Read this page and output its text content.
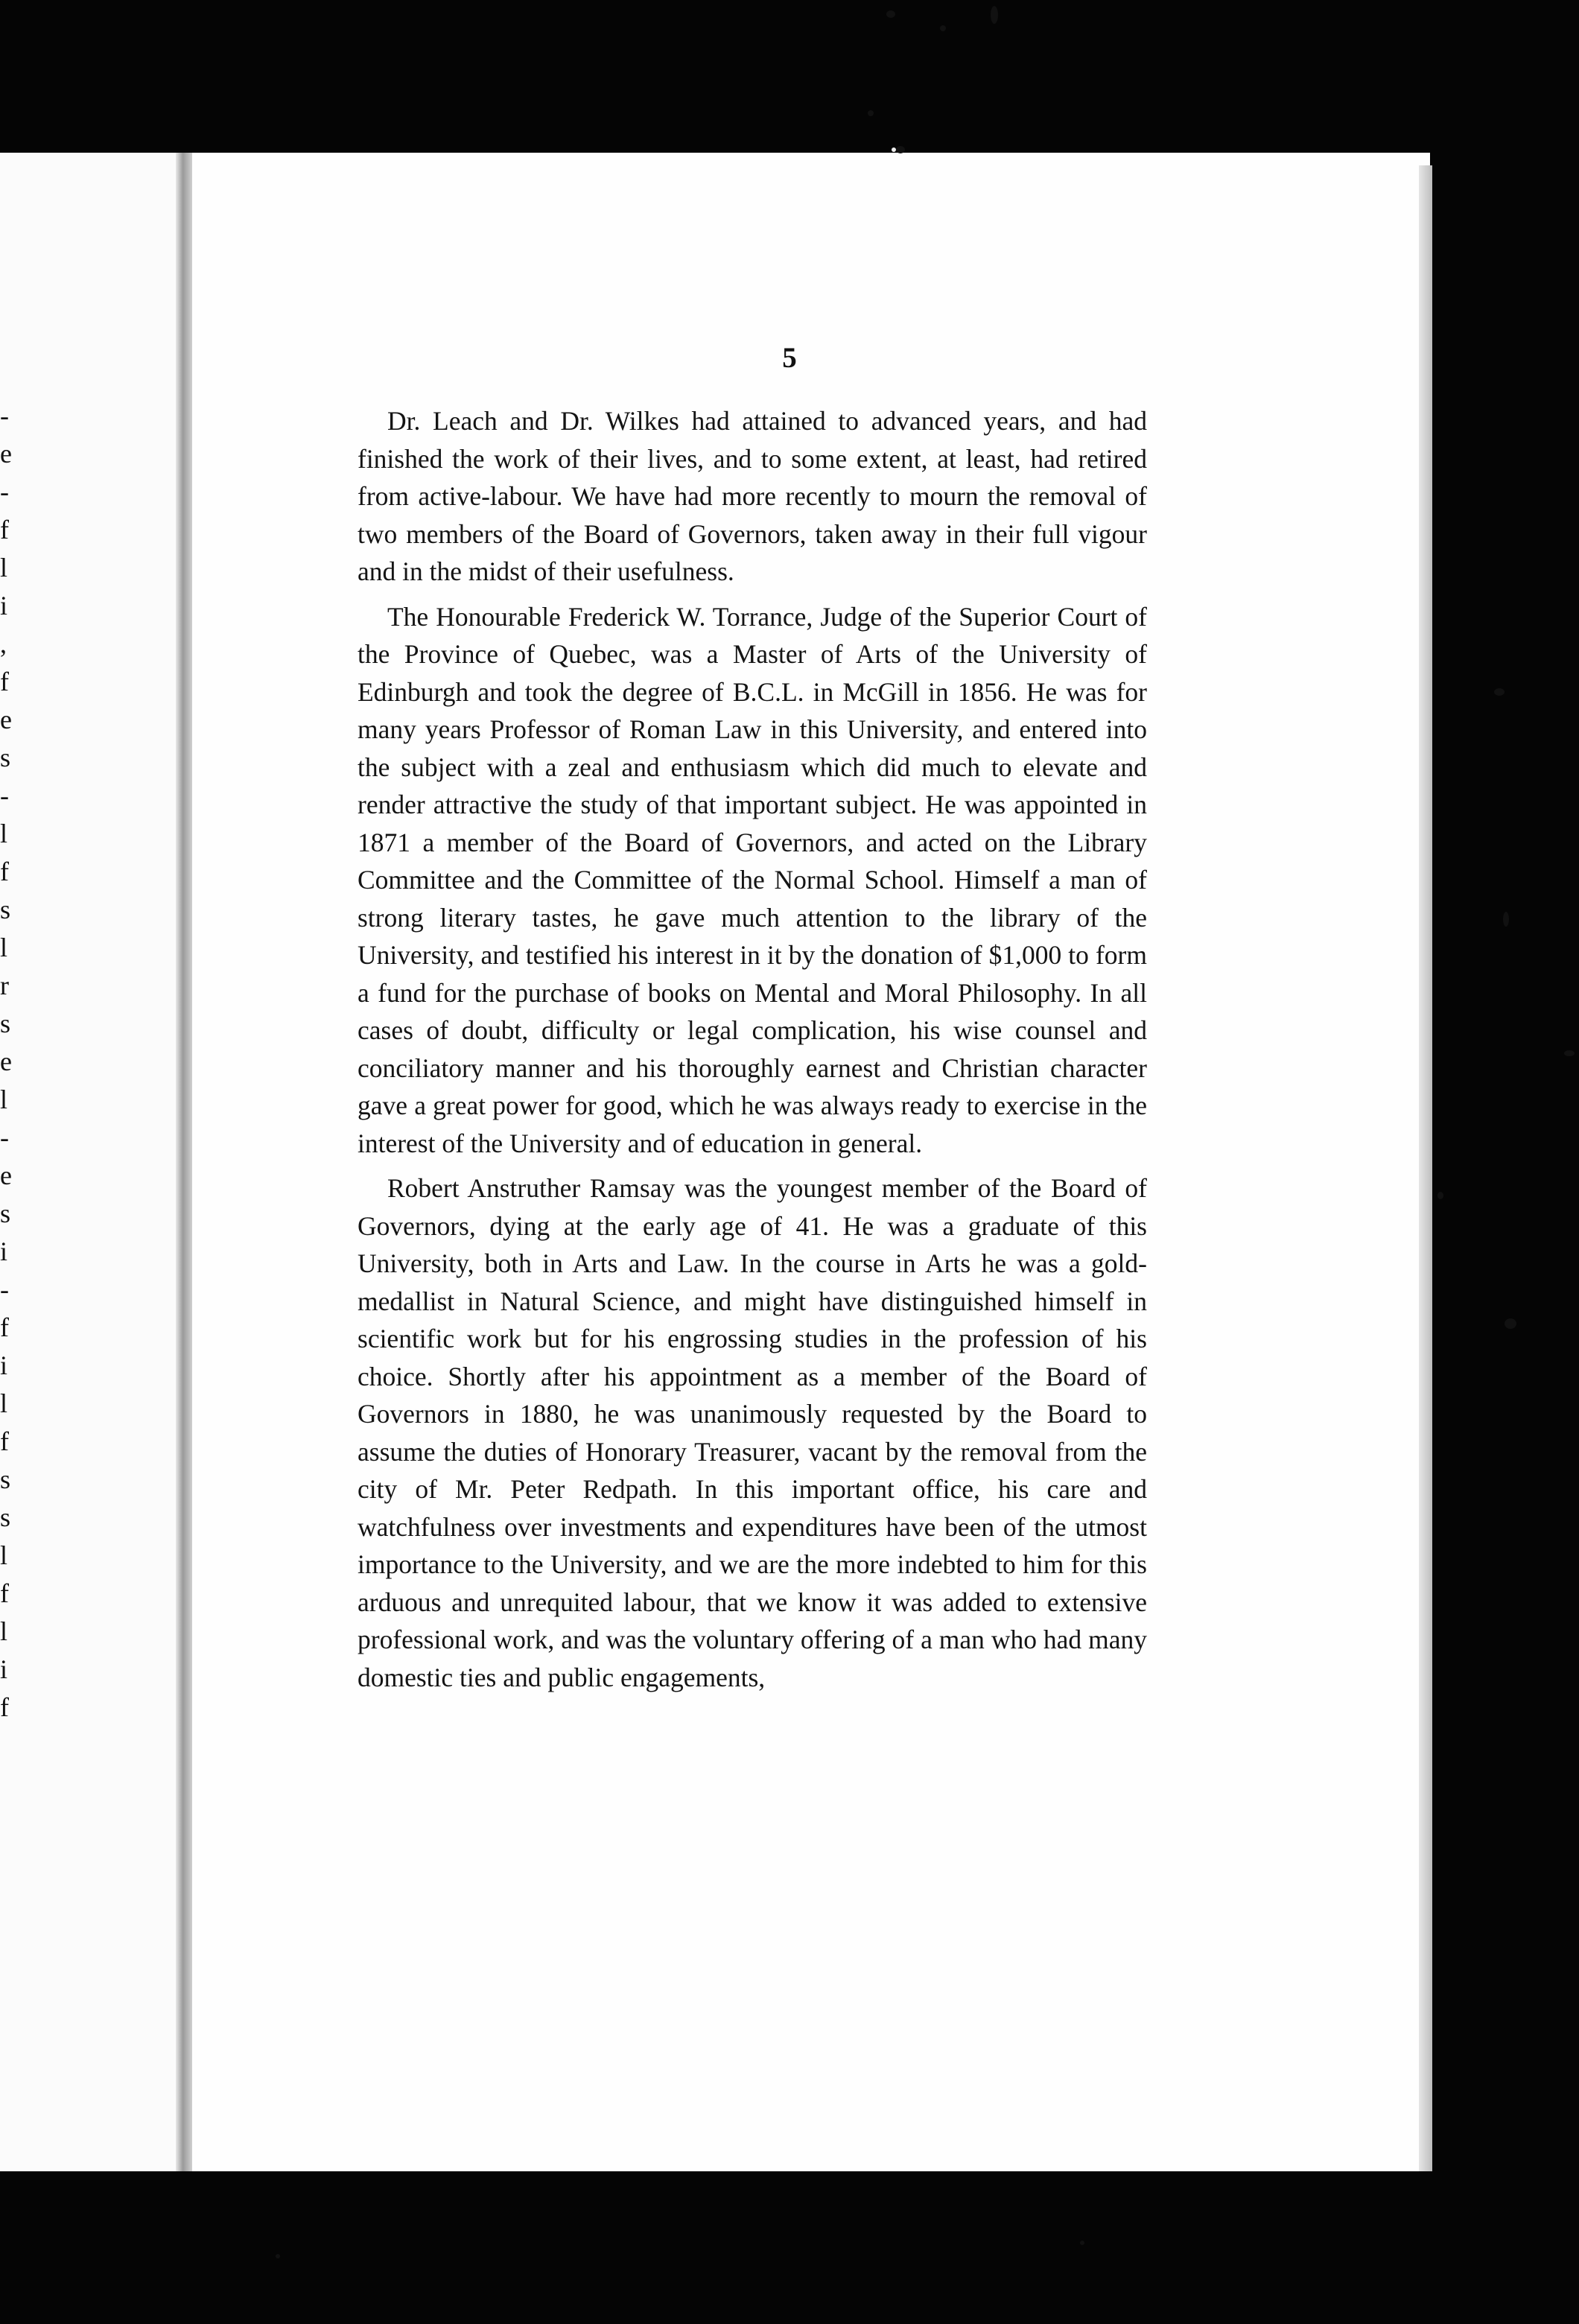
-
e
-
f
l
i
,
f
e
s
-
l
f
s
l
r
s
e
l
-
e
s
i
-
f
i
l
f
s
s
l
f
l
i
f
5

Dr. Leach and Dr. Wilkes had attained to advanced years, and had finished the work of their lives, and to some extent, at least, had retired from active-labour. We have had more recently to mourn the removal of two members of the Board of Governors, taken away in their full vigour and in the midst of their usefulness.

The Honourable Frederick W. Torrance, Judge of the Superior Court of the Province of Quebec, was a Master of Arts of the University of Edinburgh and took the degree of B.C.L. in McGill in 1856. He was for many years Professor of Roman Law in this University, and entered into the subject with a zeal and enthusiasm which did much to elevate and render attractive the study of that important subject. He was appointed in 1871 a member of the Board of Governors, and acted on the Library Committee and the Committee of the Normal School. Himself a man of strong literary tastes, he gave much attention to the library of the University, and testified his interest in it by the donation of $1,000 to form a fund for the purchase of books on Mental and Moral Philosophy. In all cases of doubt, difficulty or legal complication, his wise counsel and conciliatory manner and his thoroughly earnest and Christian character gave a great power for good, which he was always ready to exercise in the interest of the University and of education in general.

Robert Anstruther Ramsay was the youngest member of the Board of Governors, dying at the early age of 41. He was a graduate of this University, both in Arts and Law. In the course in Arts he was a gold-medallist in Natural Science, and might have distinguished himself in scientific work but for his engrossing studies in the profession of his choice. Shortly after his appointment as a member of the Board of Governors in 1880, he was unanimously requested by the Board to assume the duties of Honorary Treasurer, vacant by the removal from the city of Mr. Peter Redpath. In this important office, his care and watchfulness over investments and expenditures have been of the utmost importance to the University, and we are the more indebted to him for this arduous and unrequited labour, that we know it was added to extensive professional work, and was the voluntary offering of a man who had many domestic ties and public engagements,
